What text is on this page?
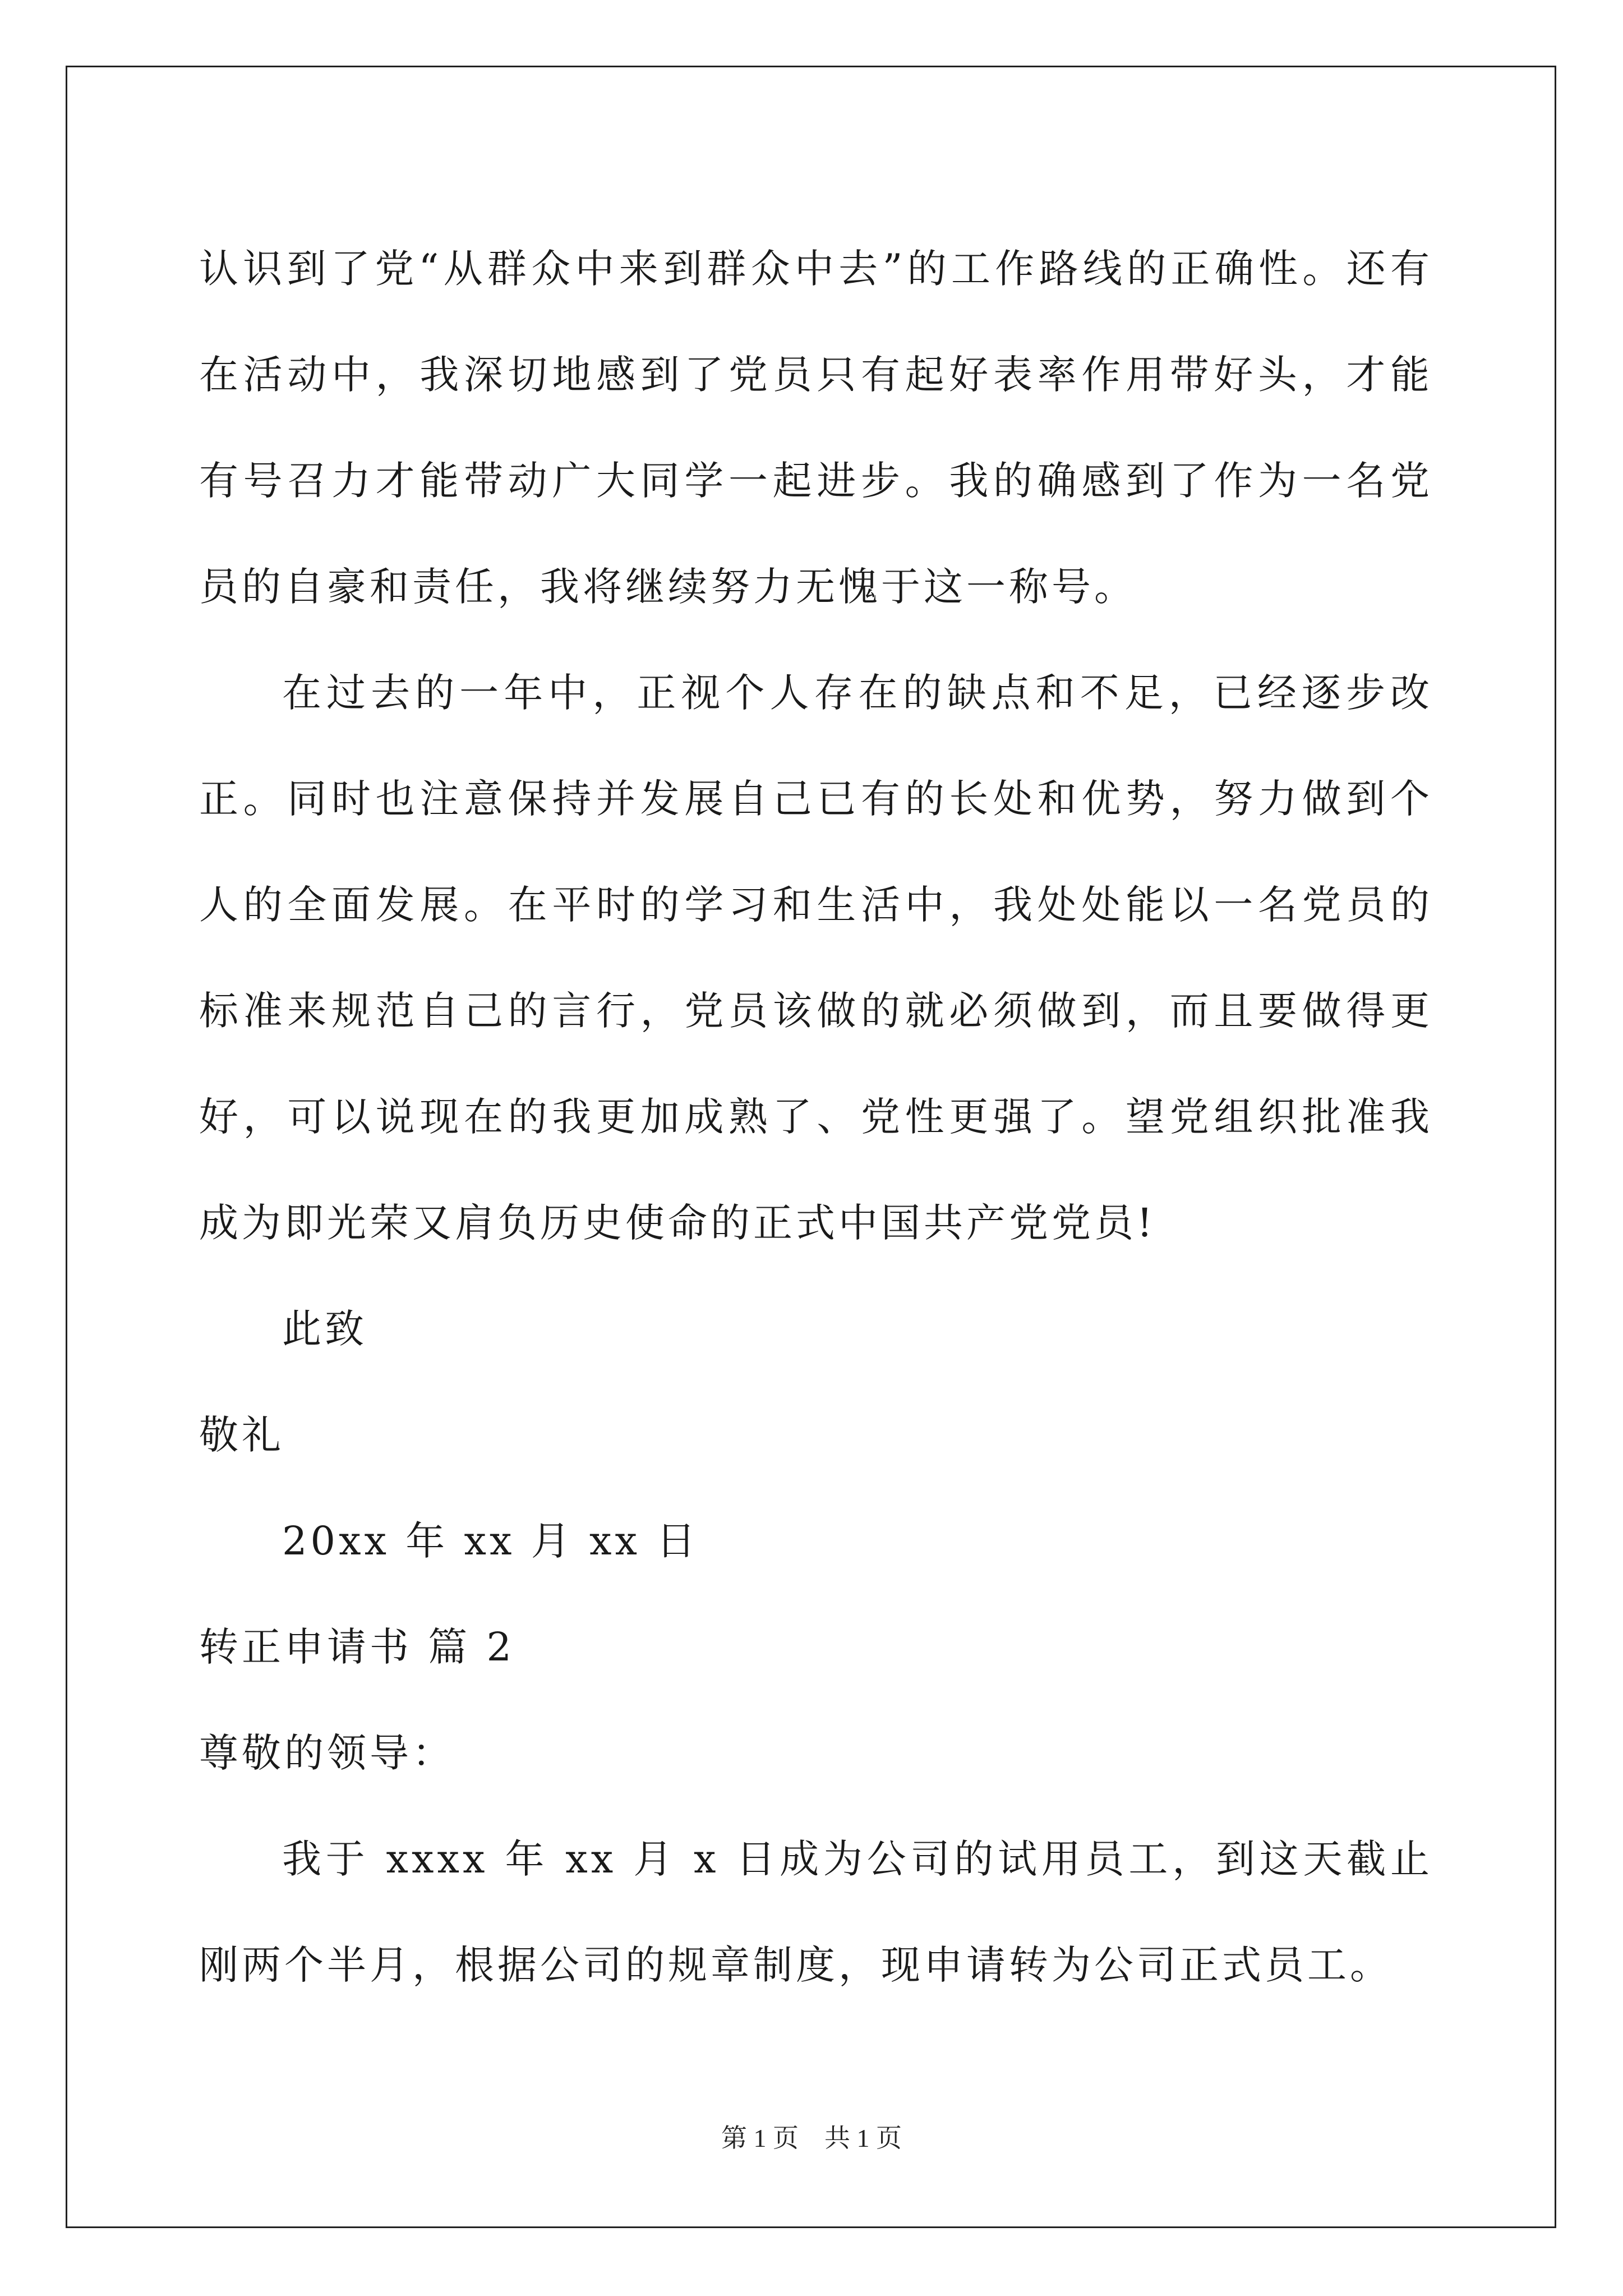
认识到了党“从群众中来到群众中去”的工作路线的正确性。还有在活动中，我深切地感到了党员只有起好表率作用带好头，才能有号召力才能带动广大同学一起进步。我的确感到了作为一名党员的自豪和责任，我将继续努力无愧于这一称号。

在过去的一年中，正视个人存在的缺点和不足，已经逐步改正。同时也注意保持并发展自己已有的长处和优势，努力做到个人的全面发展。在平时的学习和生活中，我处处能以一名党员的标准来规范自己的言行，党员该做的就必须做到，而且要做得更好，可以说现在的我更加成熟了、党性更强了。望党组织批准我成为即光荣又肩负历史使命的正式中国共产党党员!

此致

敬礼

20xx 年 xx 月 xx 日

转正申请书 篇 2

尊敬的领导：

我于 xxxx 年 xx 月 x 日成为公司的试用员工，到这天截止刚两个半月，根据公司的规章制度，现申请转为公司正式员工。

第 1 页　共 1 页
